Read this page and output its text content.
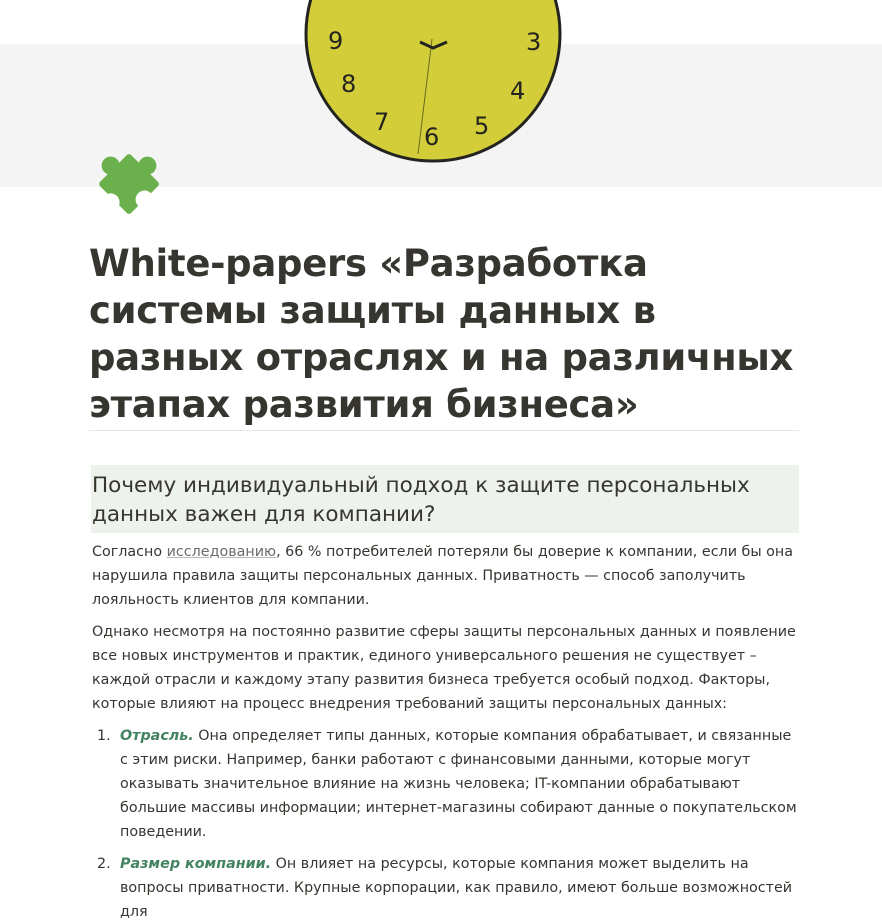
8	4
7
6 5
9	3
White-papers «Разработка системы защиты данных в разных отраслях и на различных этапах развития бизнеса»
Почему индивидуальный подход к защите персональных данных важен для компании?

Согласно исследованию, 66 % потребителей потеряли бы доверие к компании, если бы она нарушила правила защиты персональных данных. Приватность — способ заполучить лояльность клиентов для компании.

Однако несмотря на постоянно развитие сферы защиты персональных данных и появление все новых инструментов и практик, единого универсального решения не существует – каждой отрасли и каждому этапу развития бизнеса требуется особый подход. Факторы, которые влияют на процесс внедрения требований защиты персональных данных:

1. Отрасль. Она определяет типы данных, которые компания обрабатывает, и связанные с этим риски. Например, банки работают с финансовыми данными, которые могут оказывать значительное влияние на жизнь человека; IT-компании обрабатывают большие массивы информации; интернет-магазины собирают данные о покупательском поведении.

2. Размер компании. Он влияет на ресурсы, которые компания может выделить на вопросы приватности. Крупные корпорации, как правило, имеют больше возможностей для
